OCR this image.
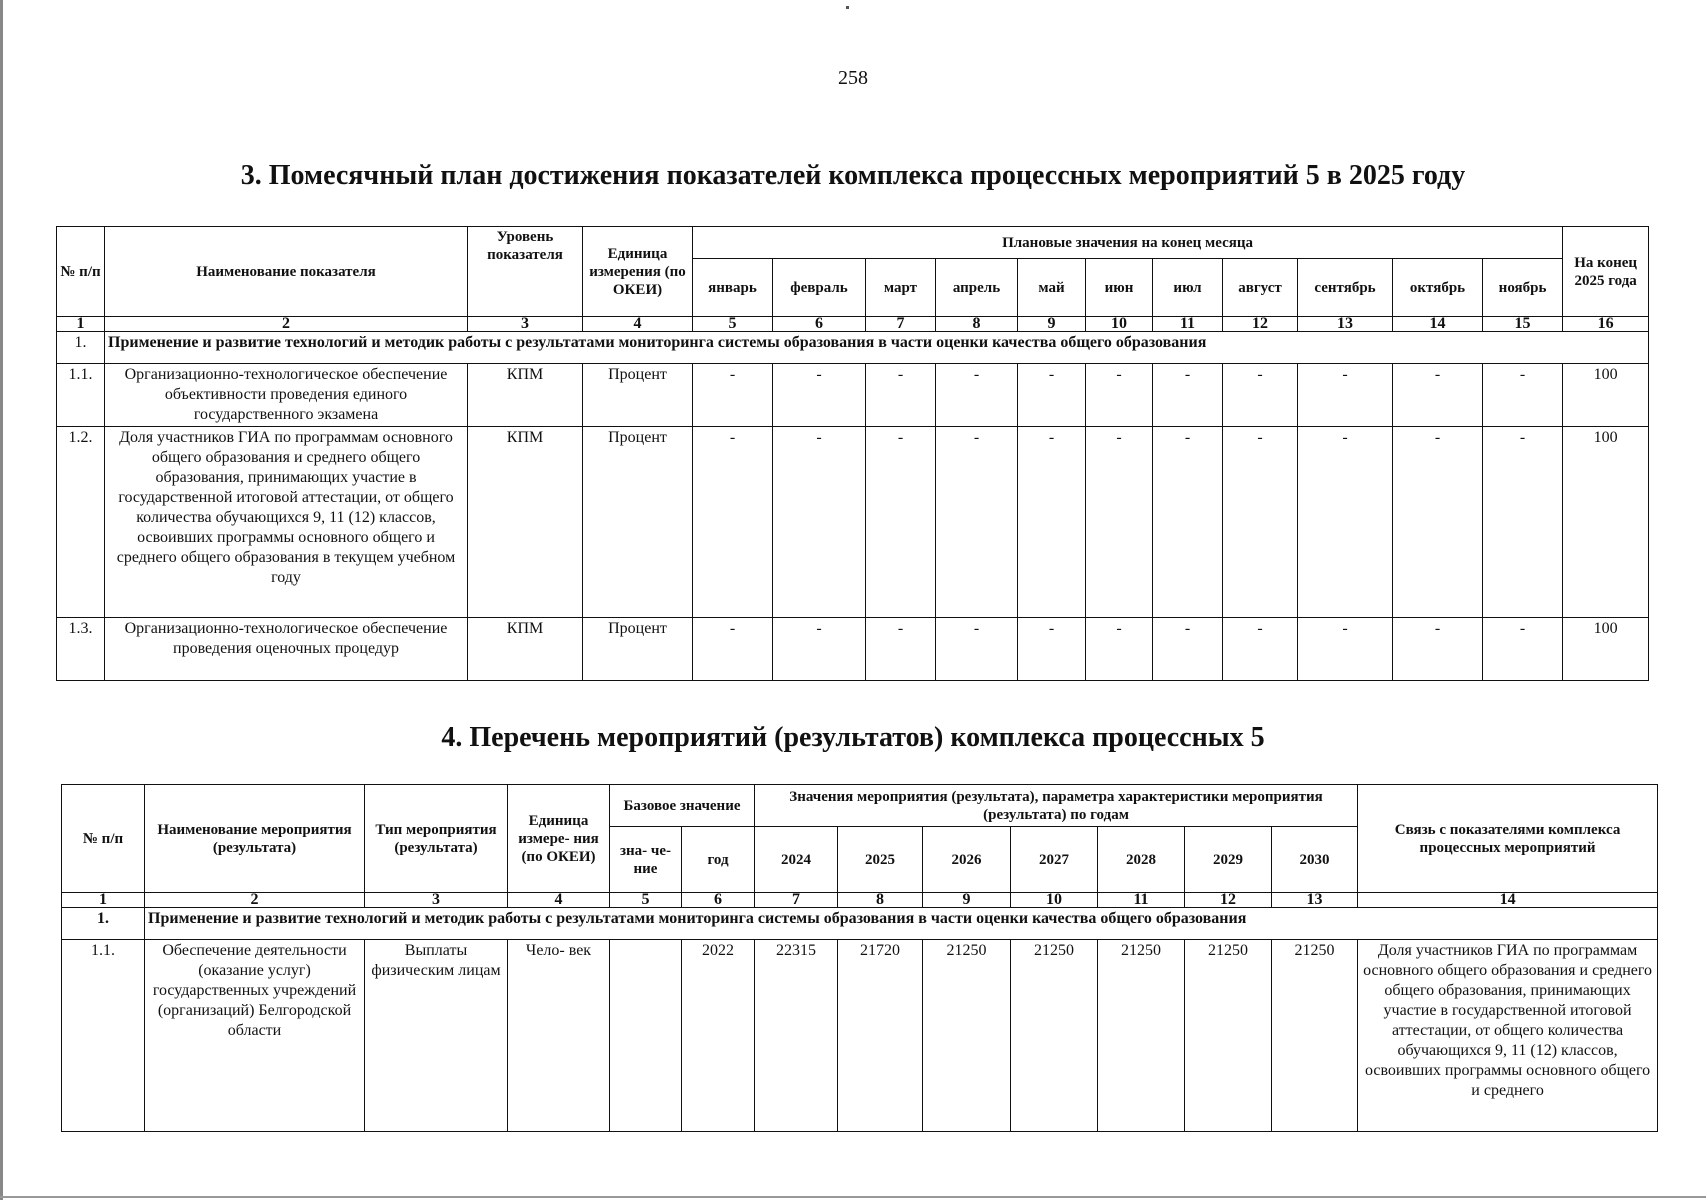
258
3. Помесячный план достижения показателей комплекса процессных мероприятий 5 в 2025 году
№ п/п	Наименование показателя	Уровень показателя	Единица измерения (по ОКЕИ)	Плановые значения на конец месяца											На конец 2025 года
				январь	февраль	март	апрель	май	июн	июл	август	сентябрь	октябрь	ноябрь	
1	2	3	4	5	6	7	8	9	10	11	12	13	14	15	16
1.	Применение и развитие технологий и методик работы с результатами мониторинга системы образования в части оценки качества общего образования														
1.1.	Организационно-технологическое обеспечение объективности проведения единого государственного экзамена	КПМ	Процент	-	-	-	-	-	-	-	-	-	-	-	100
1.2.	Доля участников ГИА по программам основного общего образования и среднего общего образования, принимающих участие в государственной итоговой аттестации, от общего количества обучающихся 9, 11 (12) классов, освоивших программы основного общего и среднего общего образования в текущем учебном году	КПМ	Процент	-	-	-	-	-	-	-	-	-	-	-	100
1.3.	Организационно-технологическое обеспечение проведения оценочных процедур	КПМ	Процент	-	-	-	-	-	-	-	-	-	-	-	100
4. Перечень мероприятий (результатов) комплекса процессных 5
№ п/п	Наименование мероприятия (результата)	Тип мероприятия (результата)	Единица измере- ния (по ОКЕИ)	Базовое значение		Значения мероприятия (результата), параметра характеристики мероприятия (результата) по годам							Связь с показателями комплекса процессных мероприятий
				зна- че- ние	год	2024	2025	2026	2027	2028	2029	2030	
1	2	3	4	5	6	7	8	9	10	11	12	13	14
1.	Применение и развитие технологий и методик работы с результатами мониторинга системы образования в части оценки качества общего образования												
1.1.	Обеспечение деятельности (оказание услуг) государственных учреждений (организаций) Белгородской области	Выплаты физическим лицам	Чело- век		2022	22315	21720	21250	21250	21250	21250	21250	Доля участников ГИА по программам основного общего образования и среднего общего образования, принимающих участие в государственной итоговой аттестации, от общего количества обучающихся 9, 11 (12) классов, освоивших программы основного общего и среднего
